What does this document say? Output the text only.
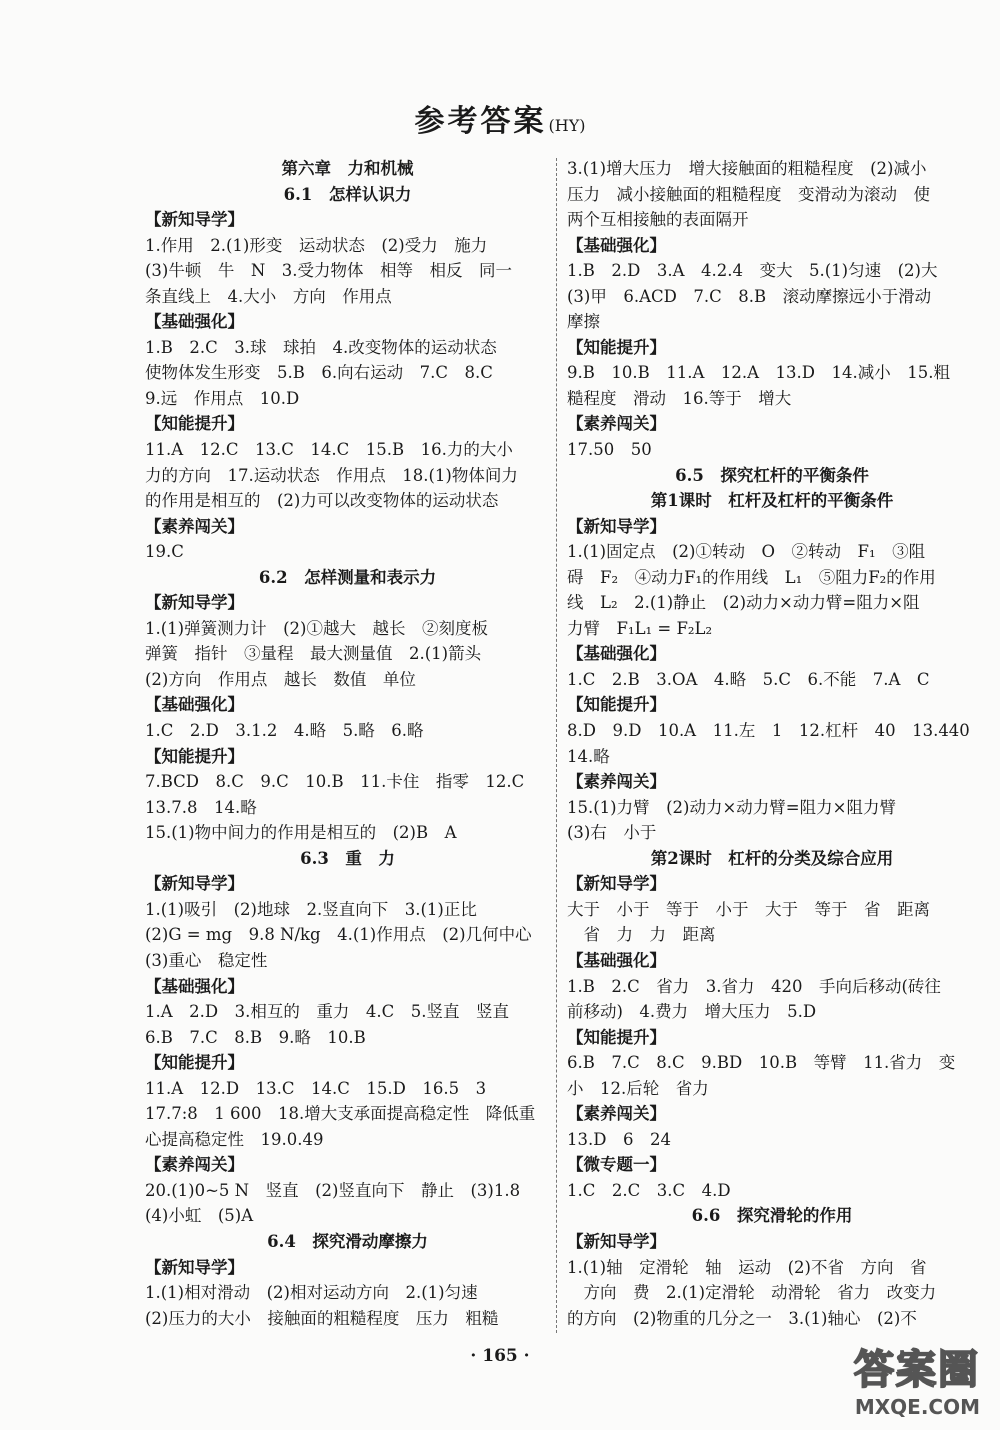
参考答案 (HY)
第六章　力和机械
6.1　怎样认识力
【新知导学】
1.作用　2.(1)形变　运动状态　(2)受力　施力
(3)牛顿　牛　N　3.受力物体　相等　相反　同一
条直线上　4.大小　方向　作用点
【基础强化】
1.B　2.C　3.球　球拍　4.改变物体的运动状态
使物体发生形变　5.B　6.向右运动　7.C　8.C
9.远　作用点　10.D
【知能提升】
11.A　12.C　13.C　14.C　15.B　16.力的大小
力的方向　17.运动状态　作用点　18.(1)物体间力
的作用是相互的　(2)力可以改变物体的运动状态
【素养闯关】
19.C
6.2　怎样测量和表示力
【新知导学】
1.(1)弹簧测力计　(2)①越大　越长　②刻度板
弹簧　指针　③量程　最大测量值　2.(1)箭头
(2)方向　作用点　越长　数值　单位
【基础强化】
1.C　2.D　3.1.2　4.略　5.略　6.略
【知能提升】
7.BCD　8.C　9.C　10.B　11.卡住　指零　12.C
13.7.8　14.略
15.(1)物中间力的作用是相互的　(2)B　A
6.3　重　力
【新知导学】
1.(1)吸引　(2)地球　2.竖直向下　3.(1)正比
(2)G = mg　9.8 N/kg　4.(1)作用点　(2)几何中心
(3)重心　稳定性
【基础强化】
1.A　2.D　3.相互的　重力　4.C　5.竖直　竖直
6.B　7.C　8.B　9.略　10.B
【知能提升】
11.A　12.D　13.C　14.C　15.D　16.5　3
17.7:8　1 600　18.增大支承面提高稳定性　降低重
心提高稳定性　19.0.49
【素养闯关】
20.(1)0~5 N　竖直　(2)竖直向下　静止　(3)1.8
(4)小虹　(5)A
6.4　探究滑动摩擦力
【新知导学】
1.(1)相对滑动　(2)相对运动方向　2.(1)匀速
(2)压力的大小　接触面的粗糙程度　压力　粗糙
3.(1)增大压力　增大接触面的粗糙程度　(2)减小
压力　减小接触面的粗糙程度　变滑动为滚动　使
两个互相接触的表面隔开
【基础强化】
1.B　2.D　3.A　4.2.4　变大　5.(1)匀速　(2)大
(3)甲　6.ACD　7.C　8.B　滚动摩擦远小于滑动
摩擦
【知能提升】
9.B　10.B　11.A　12.A　13.D　14.减小　15.粗
糙程度　滑动　16.等于　增大
【素养闯关】
17.50　50
6.5　探究杠杆的平衡条件
第1课时　杠杆及杠杆的平衡条件
【新知导学】
1.(1)固定点　(2)①转动　O　②转动　F₁　③阻
碍　F₂　④动力F₁的作用线　L₁　⑤阻力F₂的作用
线　L₂　2.(1)静止　(2)动力×动力臂=阻力×阻
力臂　F₁L₁ = F₂L₂
【基础强化】
1.C　2.B　3.OA　4.略　5.C　6.不能　7.A　C
【知能提升】
8.D　9.D　10.A　11.左　1　12.杠杆　40　13.440
14.略
【素养闯关】
15.(1)力臂　(2)动力×动力臂=阻力×阻力臂
(3)右　小于
第2课时　杠杆的分类及综合应用
【新知导学】
大于　小于　等于　小于　大于　等于　省　距离
　省　力　力　距离
【基础强化】
1.B　2.C　省力　3.省力　420　手向后移动(砖往
前移动)　4.费力　增大压力　5.D
【知能提升】
6.B　7.C　8.C　9.BD　10.B　等臂　11.省力　变
小　12.后轮　省力
【素养闯关】
13.D　6　24
【微专题一】
1.C　2.C　3.C　4.D
6.6　探究滑轮的作用
【新知导学】
1.(1)轴　定滑轮　轴　运动　(2)不省　方向　省
　方向　费　2.(1)定滑轮　动滑轮　省力　改变力
的方向　(2)物重的几分之一　3.(1)轴心　(2)不
· 165 ·	答案圈
MXQE.COM
